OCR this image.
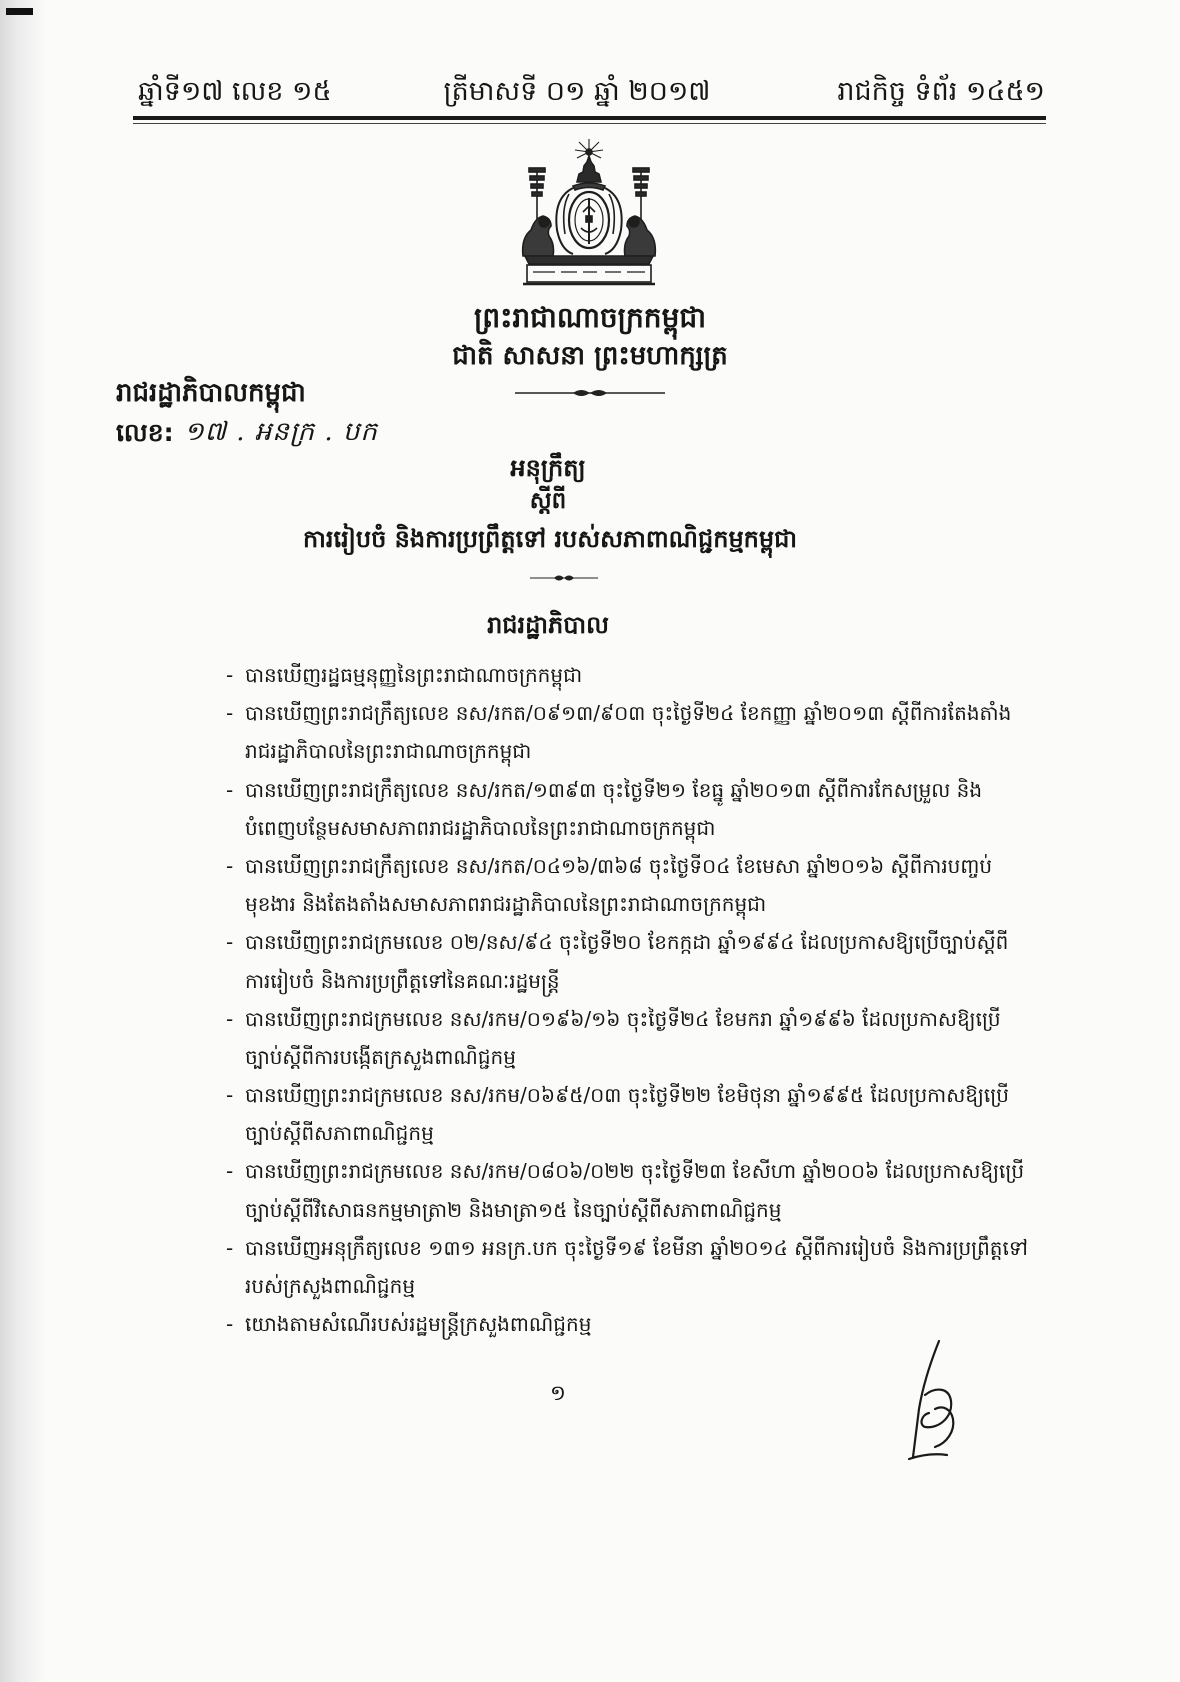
ឆ្នាំទី១៧ លេខ ១៥	ត្រីមាសទី ០១ ឆ្នាំ ២០១៧	រាជកិច្ច ទំព័រ ១៤៥១
ព្រះរាជាណាចក្រកម្ពុជា
ជាតិ សាសនា ព្រះមហាក្សត្រ
រាជរដ្ឋាភិបាលកម្ពុជា
លេខ: ១៧ . អនក្រ . បក
អនុក្រឹត្យ
ស្តីពី
ការរៀបចំ និងការប្រព្រឹត្តទៅ របស់សភាពាណិជ្ជកម្មកម្ពុជា
រាជរដ្ឋាភិបាល
- បានឃើញរដ្ឋធម្មនុញ្ញនៃព្រះរាជាណាចក្រកម្ពុជា
- បានឃើញព្រះរាជក្រឹត្យលេខ នស/រកត/០៩១៣/៩០៣ ចុះថ្ងៃទី២៤ ខែកញ្ញា ឆ្នាំ២០១៣ ស្តីពីការតែងតាំង
រាជរដ្ឋាភិបាលនៃព្រះរាជាណាចក្រកម្ពុជា
- បានឃើញព្រះរាជក្រឹត្យលេខ នស/រកត/១៣៩៣ ចុះថ្ងៃទី២១ ខែធ្នូ ឆ្នាំ២០១៣ ស្តីពីការកែសម្រួល និង
បំពេញបន្ថែមសមាសភាពរាជរដ្ឋាភិបាលនៃព្រះរាជាណាចក្រកម្ពុជា
- បានឃើញព្រះរាជក្រឹត្យលេខ នស/រកត/០៤១៦/៣៦៨ ចុះថ្ងៃទី០៤ ខែមេសា ឆ្នាំ២០១៦ ស្តីពីការបញ្ចប់
មុខងារ និងតែងតាំងសមាសភាពរាជរដ្ឋាភិបាលនៃព្រះរាជាណាចក្រកម្ពុជា
- បានឃើញព្រះរាជក្រមលេខ ០២/នស/៩៤ ចុះថ្ងៃទី២០ ខែកក្កដា ឆ្នាំ១៩៩៤ ដែលប្រកាសឱ្យប្រើច្បាប់ស្តីពី
ការរៀបចំ និងការប្រព្រឹត្តទៅនៃគណៈរដ្ឋមន្ត្រី
- បានឃើញព្រះរាជក្រមលេខ នស/រកម/០១៩៦/១៦ ចុះថ្ងៃទី២៤ ខែមករា ឆ្នាំ១៩៩៦ ដែលប្រកាសឱ្យប្រើ
ច្បាប់ស្តីពីការបង្កើតក្រសួងពាណិជ្ជកម្ម
- បានឃើញព្រះរាជក្រមលេខ នស/រកម/០៦៩៥/០៣ ចុះថ្ងៃទី២២ ខែមិថុនា ឆ្នាំ១៩៩៥ ដែលប្រកាសឱ្យប្រើ
ច្បាប់ស្តីពីសភាពាណិជ្ជកម្ម
- បានឃើញព្រះរាជក្រមលេខ នស/រកម/០៨០៦/០២២ ចុះថ្ងៃទី២៣ ខែសីហា ឆ្នាំ២០០៦ ដែលប្រកាសឱ្យប្រើ
ច្បាប់ស្តីពីវិសោធនកម្មមាត្រា២ និងមាត្រា១៥ នៃច្បាប់ស្តីពីសភាពាណិជ្ជកម្ម
- បានឃើញអនុក្រឹត្យលេខ ១៣១ អនក្រ.បក ចុះថ្ងៃទី១៩ ខែមីនា ឆ្នាំ២០១៤ ស្តីពីការរៀបចំ និងការប្រព្រឹត្តទៅ
របស់ក្រសួងពាណិជ្ជកម្ម
- យោងតាមសំណើរបស់រដ្ឋមន្ត្រីក្រសួងពាណិជ្ជកម្ម
១
